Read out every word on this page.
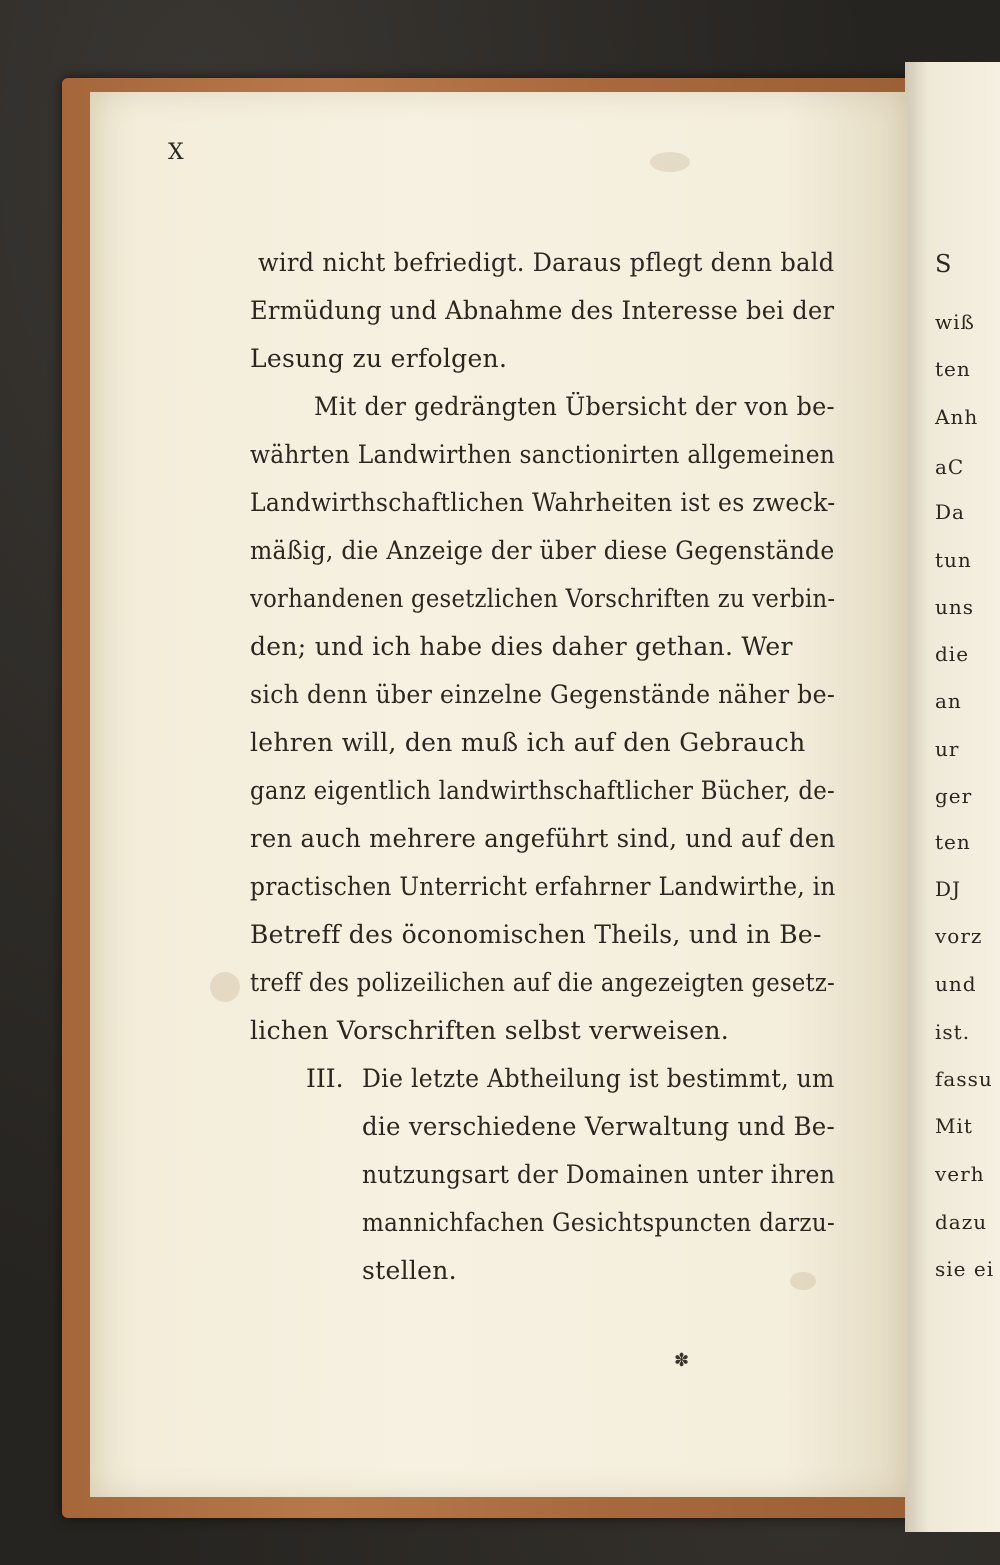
S
wiß
ten
Anh
aC
Da
tun
uns
die
an
ur
ger
ten
DJ
vorz
und
ist.
fassu
Mit
verh
dazu
sie ei

X

wird nicht befriedigt. Daraus pflegt denn bald

Ermüdung und Abnahme des Interesse bei der

Lesung zu erfolgen.

Mit der gedrängten Übersicht der von be-

währten Landwirthen sanctionirten allgemeinen

Landwirthschaftlichen Wahrheiten ist es zweck-

mäßig, die Anzeige der über diese Gegenstände

vorhandenen gesetzlichen Vorschriften zu verbin-

den; und ich habe dies daher gethan. Wer

sich denn über einzelne Gegenstände näher be-

lehren will, den muß ich auf den Gebrauch

ganz eigentlich landwirthschaftlicher Bücher, de-

ren auch mehrere angeführt sind, und auf den

practischen Unterricht erfahrner Landwirthe, in

Betreff des öconomischen Theils, und in Be-

treff des polizeilichen auf die angezeigten gesetz-

lichen Vorschriften selbst verweisen.

III. Die letzte Abtheilung ist bestimmt, um

die verschiedene Verwaltung und Be-

nutzungsart der Domainen unter ihren

mannichfachen Gesichtspuncten darzu-

stellen.

✽
